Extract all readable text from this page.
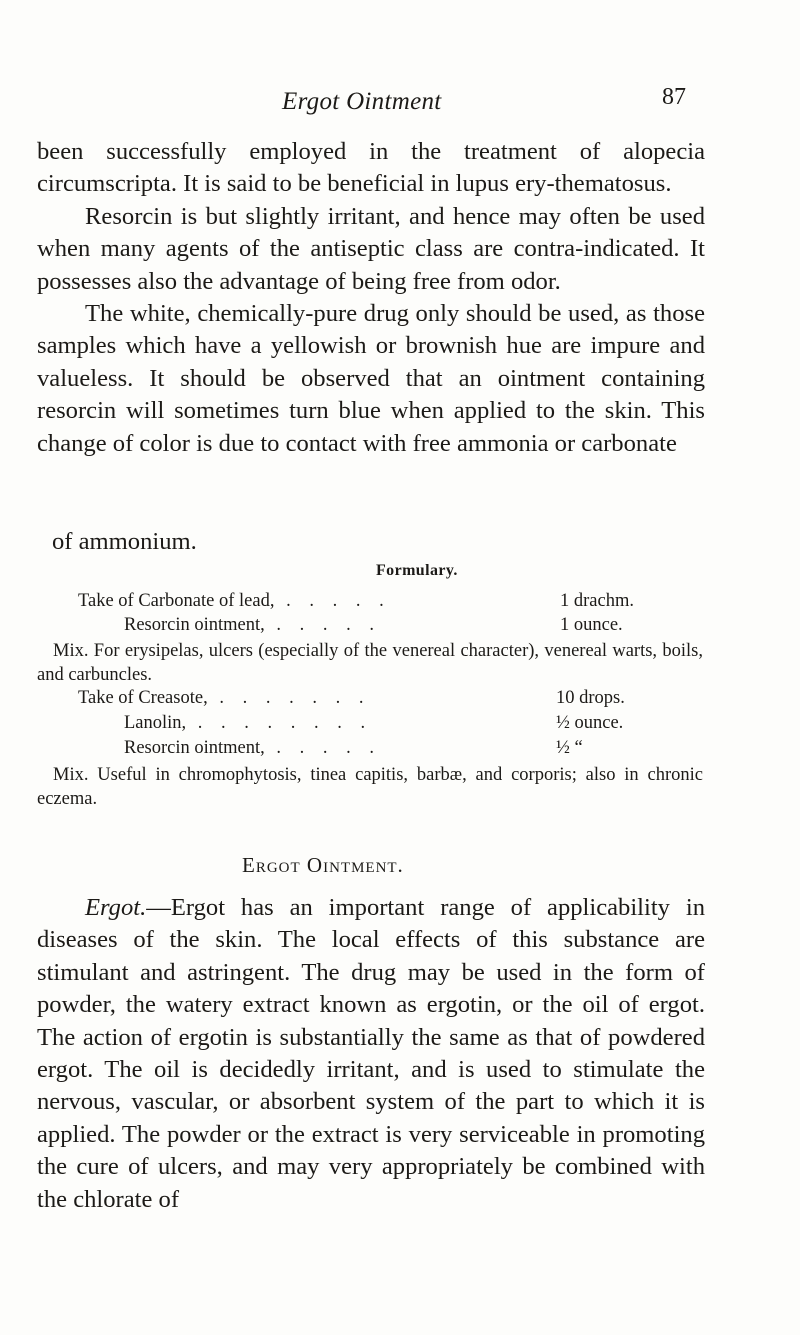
Ergot Ointment	87

been successfully employed in the treatment of alopecia circumscripta. It is said to be beneficial in lupus ery-thematosus.

Resorcin is but slightly irritant, and hence may often be used when many agents of the antiseptic class are contra-indicated. It possesses also the advantage of being free from odor.

The white, chemically-pure drug only should be used, as those samples which have a yellowish or brownish hue are impure and valueless. It should be observed that an ointment containing resorcin will sometimes turn blue when applied to the skin. This change of color is due to contact with free ammonia or carbonate

of ammonium.
Formulary.
Take of Carbonate of lead, . . . . .	1 drachm.
Resorcin ointment, . . . . .	1 ounce.
Mix. For erysipelas, ulcers (especially of the venereal character), venereal warts, boils, and carbuncles.
Take of Creasote, . . . . . . .	10 drops.
Lanolin, . . . . . . . .	½ ounce.
Resorcin ointment, . . . . .	½ “
Mix. Useful in chromophytosis, tinea capitis, barbæ, and corporis; also in chronic eczema.
Ergot Ointment.

Ergot.—Ergot has an important range of applicability in diseases of the skin. The local effects of this substance are stimulant and astringent. The drug may be used in the form of powder, the watery extract known as ergotin, or the oil of ergot. The action of ergotin is substantially the same as that of powdered ergot. The oil is decidedly irritant, and is used to stimulate the nervous, vascular, or absorbent system of the part to which it is applied. The powder or the extract is very serviceable in promoting the cure of ulcers, and may very appropriately be combined with the chlorate of
